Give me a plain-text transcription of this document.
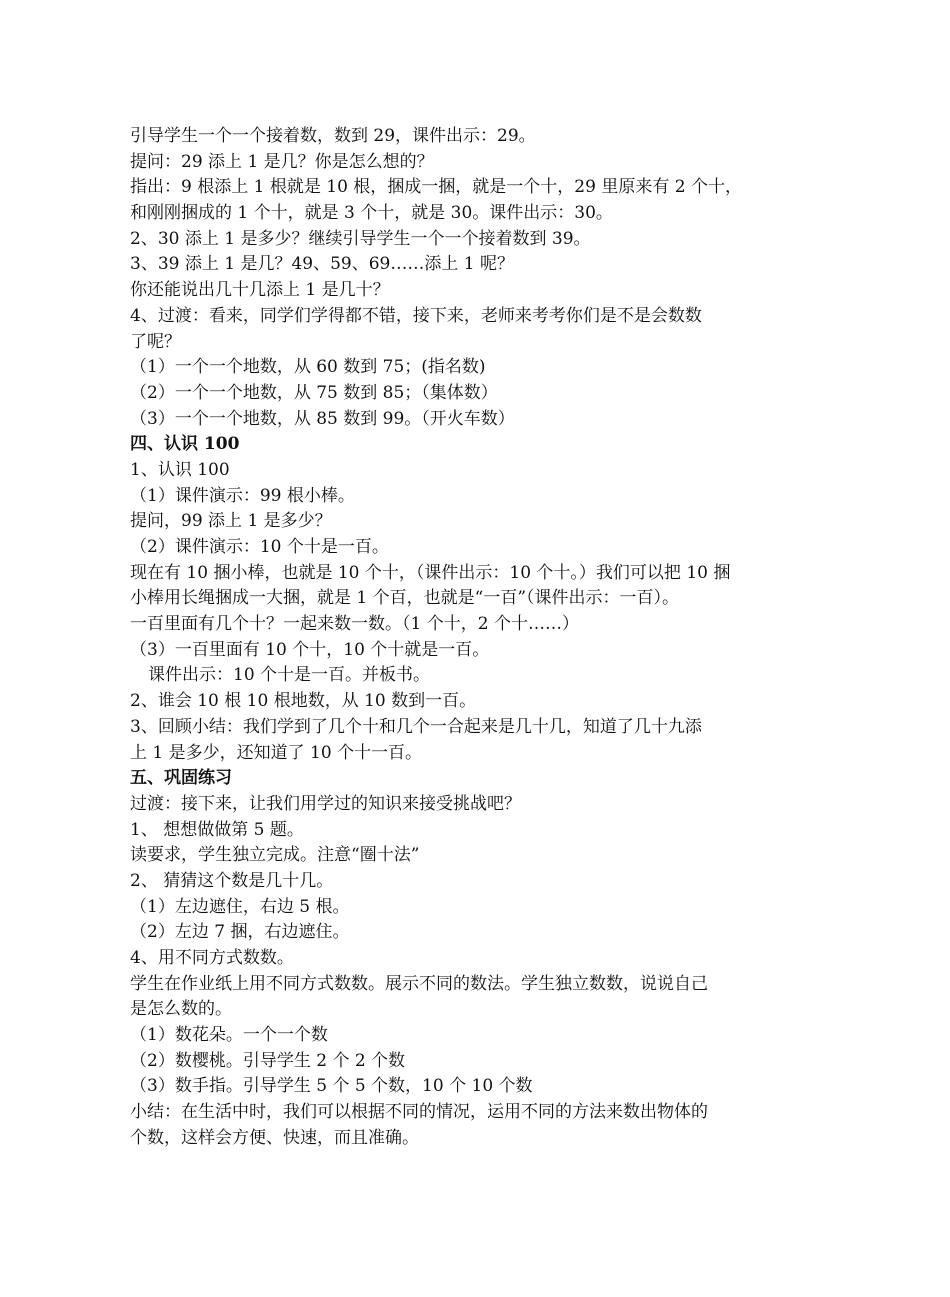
引导学生一个一个接着数，数到 29，课件出示：29。
提问：29 添上 1 是几？你是怎么想的？
指出：9 根添上 1 根就是 10 根，捆成一捆，就是一个十，29 里原来有 2 个十，
和刚刚捆成的 1 个十，就是 3 个十，就是 30。课件出示：30。
2、30 添上 1 是多少？继续引导学生一个一个接着数到 39。
3、39 添上 1 是几？49、59、69……添上 1 呢？
你还能说出几十几添上 1 是几十？
4、过渡：看来，同学们学得都不错，接下来，老师来考考你们是不是会数数
了呢？
（1）一个一个地数，从 60 数到 75；(指名数)
（2）一个一个地数，从 75 数到 85；（集体数）
（3）一个一个地数，从 85 数到 99。（开火车数）
四、认识 100
1、认识 100
（1）课件演示：99 根小棒。
提问，99 添上 1 是多少？
（2）课件演示：10 个十是一百。
现在有 10 捆小棒，也就是 10 个十，（课件出示：10 个十。）我们可以把 10 捆
小棒用长绳捆成一大捆，就是 1 个百，也就是“一百”（课件出示：一百）。
一百里面有几个十？一起来数一数。（1 个十，2 个十……）
（3）一百里面有 10 个十，10 个十就是一百。
课件出示：10 个十是一百。并板书。
2、谁会 10 根 10 根地数，从 10 数到一百。
3、回顾小结：我们学到了几个十和几个一合起来是几十几，知道了几十九添
上 1 是多少，还知道了 10 个十一百。
五、巩固练习
过渡：接下来，让我们用学过的知识来接受挑战吧？
1、 想想做做第 5 题。
读要求，学生独立完成。注意“圈十法”
2、 猜猜这个数是几十几。
（1）左边遮住，右边 5 根。
（2）左边 7 捆，右边遮住。
4、用不同方式数数。
学生在作业纸上用不同方式数数。展示不同的数法。学生独立数数，说说自己
是怎么数的。
（1）数花朵。一个一个数
（2）数樱桃。引导学生 2 个 2 个数
（3）数手指。引导学生 5 个 5 个数，10 个 10 个数
小结：在生活中时，我们可以根据不同的情况，运用不同的方法来数出物体的
个数，这样会方便、快速，而且准确。
